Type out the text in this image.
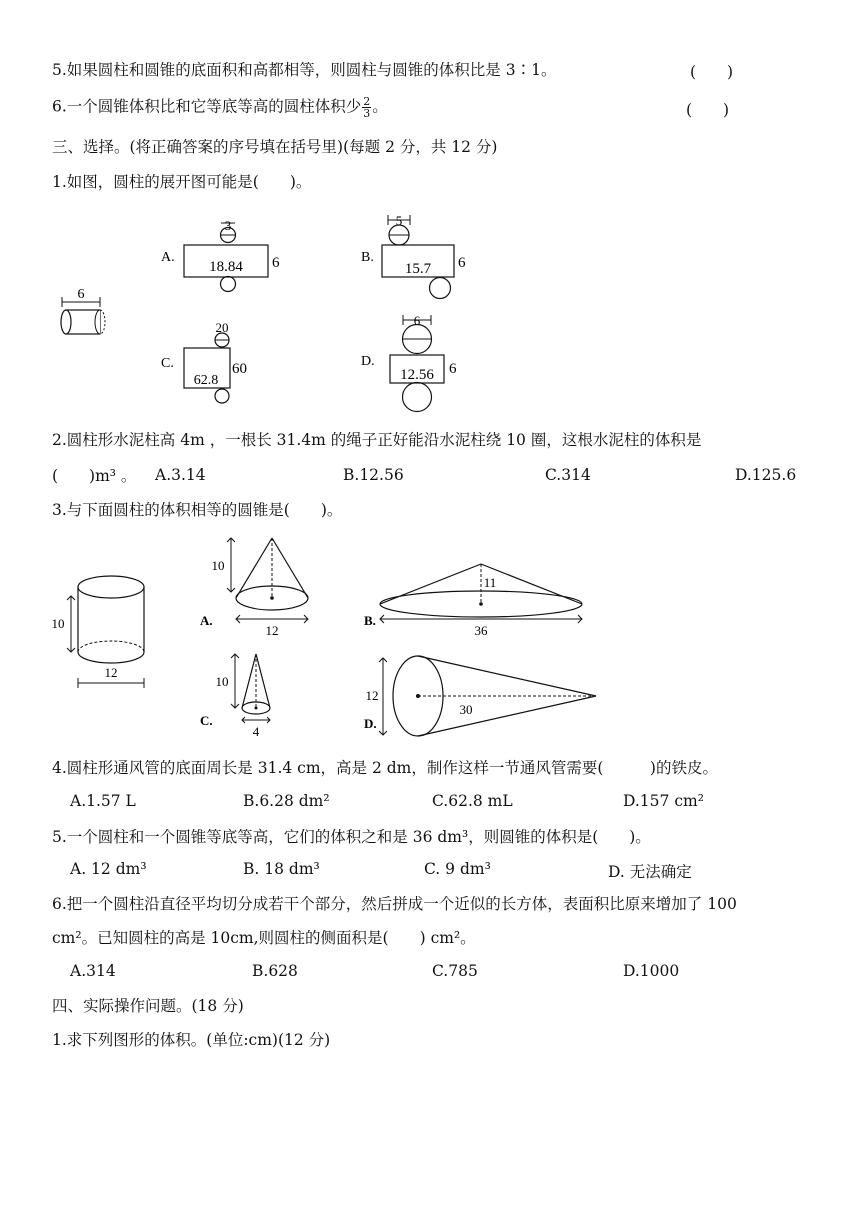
5.如果圆柱和圆锥的底面积和高都相等，则圆柱与圆锥的体积比是 3∶1。	(　　)
6.一个圆锥体积比和它等底等高的圆柱体积少 $\frac{2}{3}$ 。	(　　)
三、选择。(将正确答案的序号填在括号里)(每题 2 分，共 12 分)
1.如图，圆柱的展开图可能是(　　)。
6
A.
3
18.84 6	B.
5
15.7 6
C.
20
62.8
60	D.
6
12.56 6
2.圆柱形水泥柱高 4m ，一根长 31.4m 的绳子正好能沿水泥柱绕 10 圈，这根水泥柱的体积是
(　　)m³ 。 A.3.14	B.12.56	C.314	D.125.6
3.与下面圆柱的体积相等的圆锥是(　　)。
10
12
A.
10
12
B.
11
36
C.
10
4
D.
12
30
4.圆柱形通风管的底面周长是 31.4 cm，高是 2 dm，制作这样一节通风管需要(　　　)的铁皮。
A.1.57 L	B.6.28 dm²	C.62.8 mL	D.157 cm²
5.一个圆柱和一个圆锥等底等高，它们的体积之和是 36 dm³，则圆锥的体积是(　　)。
A. 12 dm³	B. 18 dm³	C. 9 dm³	D. 无法确定
6.把一个圆柱沿直径平均切分成若干个部分，然后拼成一个近似的长方体，表面积比原来增加了 100
cm²。已知圆柱的高是 10cm,则圆柱的侧面积是(　　) cm²。
A.314	B.628	C.785	D.1000
四、实际操作问题。(18 分)
1.求下列图形的体积。(单位:cm)(12 分)
